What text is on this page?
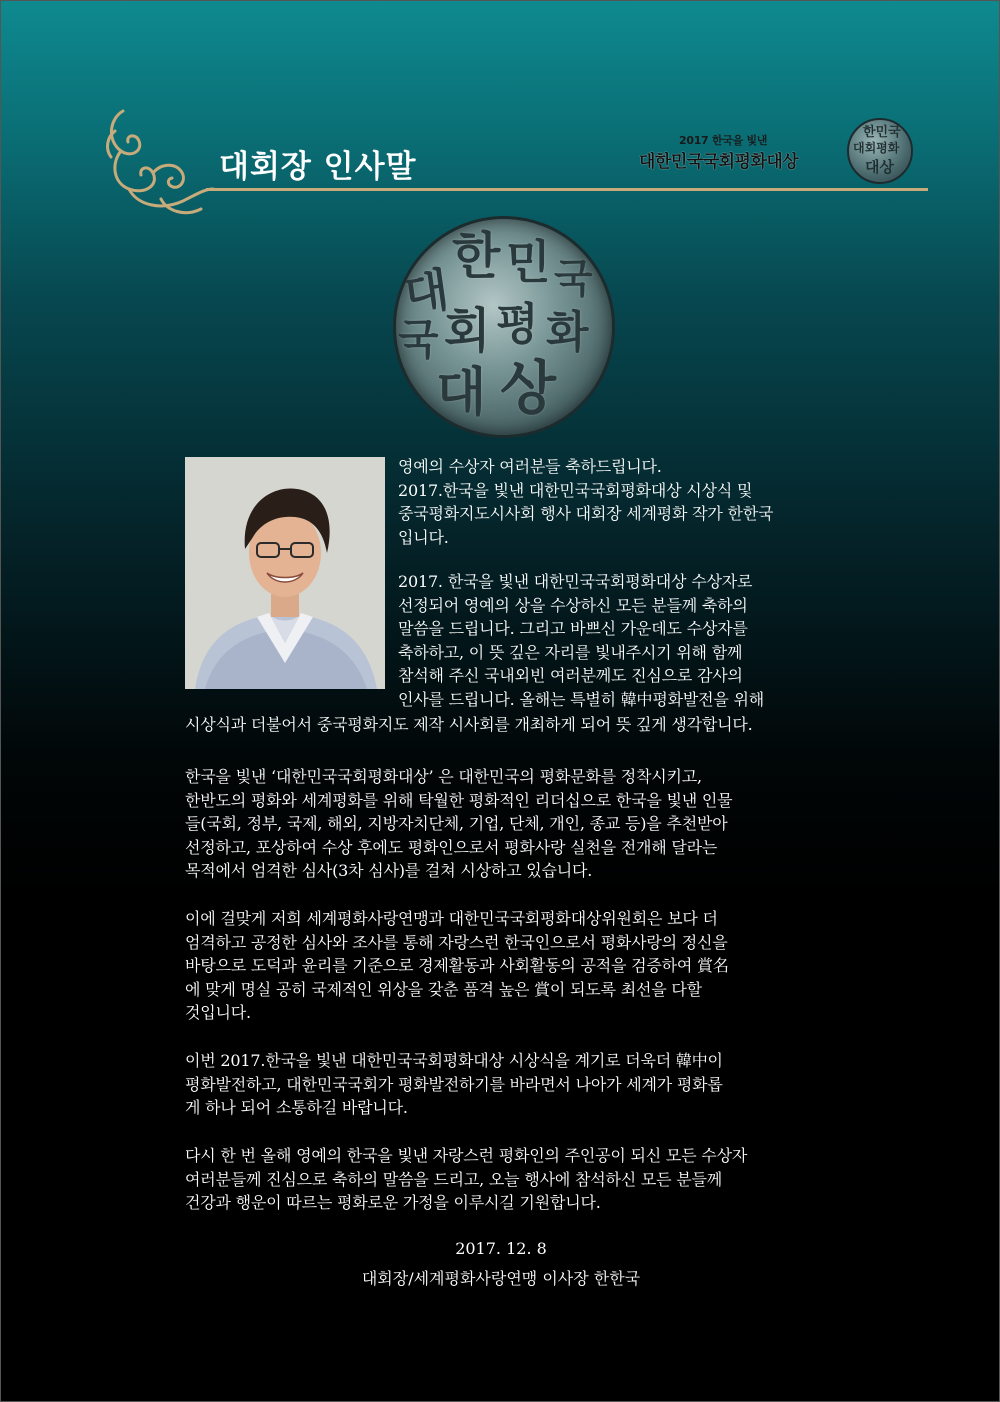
대회장 인사말
2017 한국을 빛낸
대한민국국회평화대상
한민국
대회평화
대상
대
한 민 국
국 회 평 화
대 상

영예의 수상자 여러분들 축하드립니다.

2017.한국을 빛낸 대한민국국회평화대상 시상식 및

중국평화지도시사회 행사 대회장 세계평화 작가 한한국

입니다.

2017. 한국을 빛낸 대한민국국회평화대상 수상자로

선정되어 영예의 상을 수상하신 모든 분들께 축하의

말씀을 드립니다. 그리고 바쁘신 가운데도 수상자를

축하하고, 이 뜻 깊은 자리를 빛내주시기 위해 함께

참석해 주신 국내외빈 여러분께도 진심으로 감사의

인사를 드립니다. 올해는 특별히 韓中평화발전을 위해

시상식과 더불어서 중국평화지도 제작 시사회를 개최하게 되어 뜻 깊게 생각합니다.

한국을 빛낸 ‘대한민국국회평화대상’ 은 대한민국의 평화문화를 정착시키고,

한반도의 평화와 세계평화를 위해 탁월한 평화적인 리더십으로 한국을 빛낸 인물

들(국회, 정부, 국제, 해외, 지방자치단체, 기업, 단체, 개인, 종교 등)을 추천받아

선정하고, 포상하여 수상 후에도 평화인으로서 평화사랑 실천을 전개해 달라는

목적에서 엄격한 심사(3차 심사)를 걸쳐 시상하고 있습니다.

이에 걸맞게 저희 세계평화사랑연맹과 대한민국국회평화대상위원회은 보다 더

엄격하고 공정한 심사와 조사를 통해 자랑스런 한국인으로서 평화사랑의 정신을

바탕으로 도덕과 윤리를 기준으로 경제활동과 사회활동의 공적을 검증하여 賞名

에 맞게 명실 공히 국제적인 위상을 갖춘 품격 높은 賞이 되도록 최선을 다할

것입니다.

이번 2017.한국을 빛낸 대한민국국회평화대상 시상식을 계기로 더욱더 韓中이

평화발전하고, 대한민국국회가 평화발전하기를 바라면서 나아가 세계가 평화롭

게 하나 되어 소통하길 바랍니다.

다시 한 번 올해 영예의 한국을 빛낸 자랑스런 평화인의 주인공이 되신 모든 수상자

여러분들께 진심으로 축하의 말씀을 드리고, 오늘 행사에 참석하신 모든 분들께

건강과 행운이 따르는 평화로운 가정을 이루시길 기원합니다.

2017. 12. 8

대회장/세계평화사랑연맹 이사장 한한국
